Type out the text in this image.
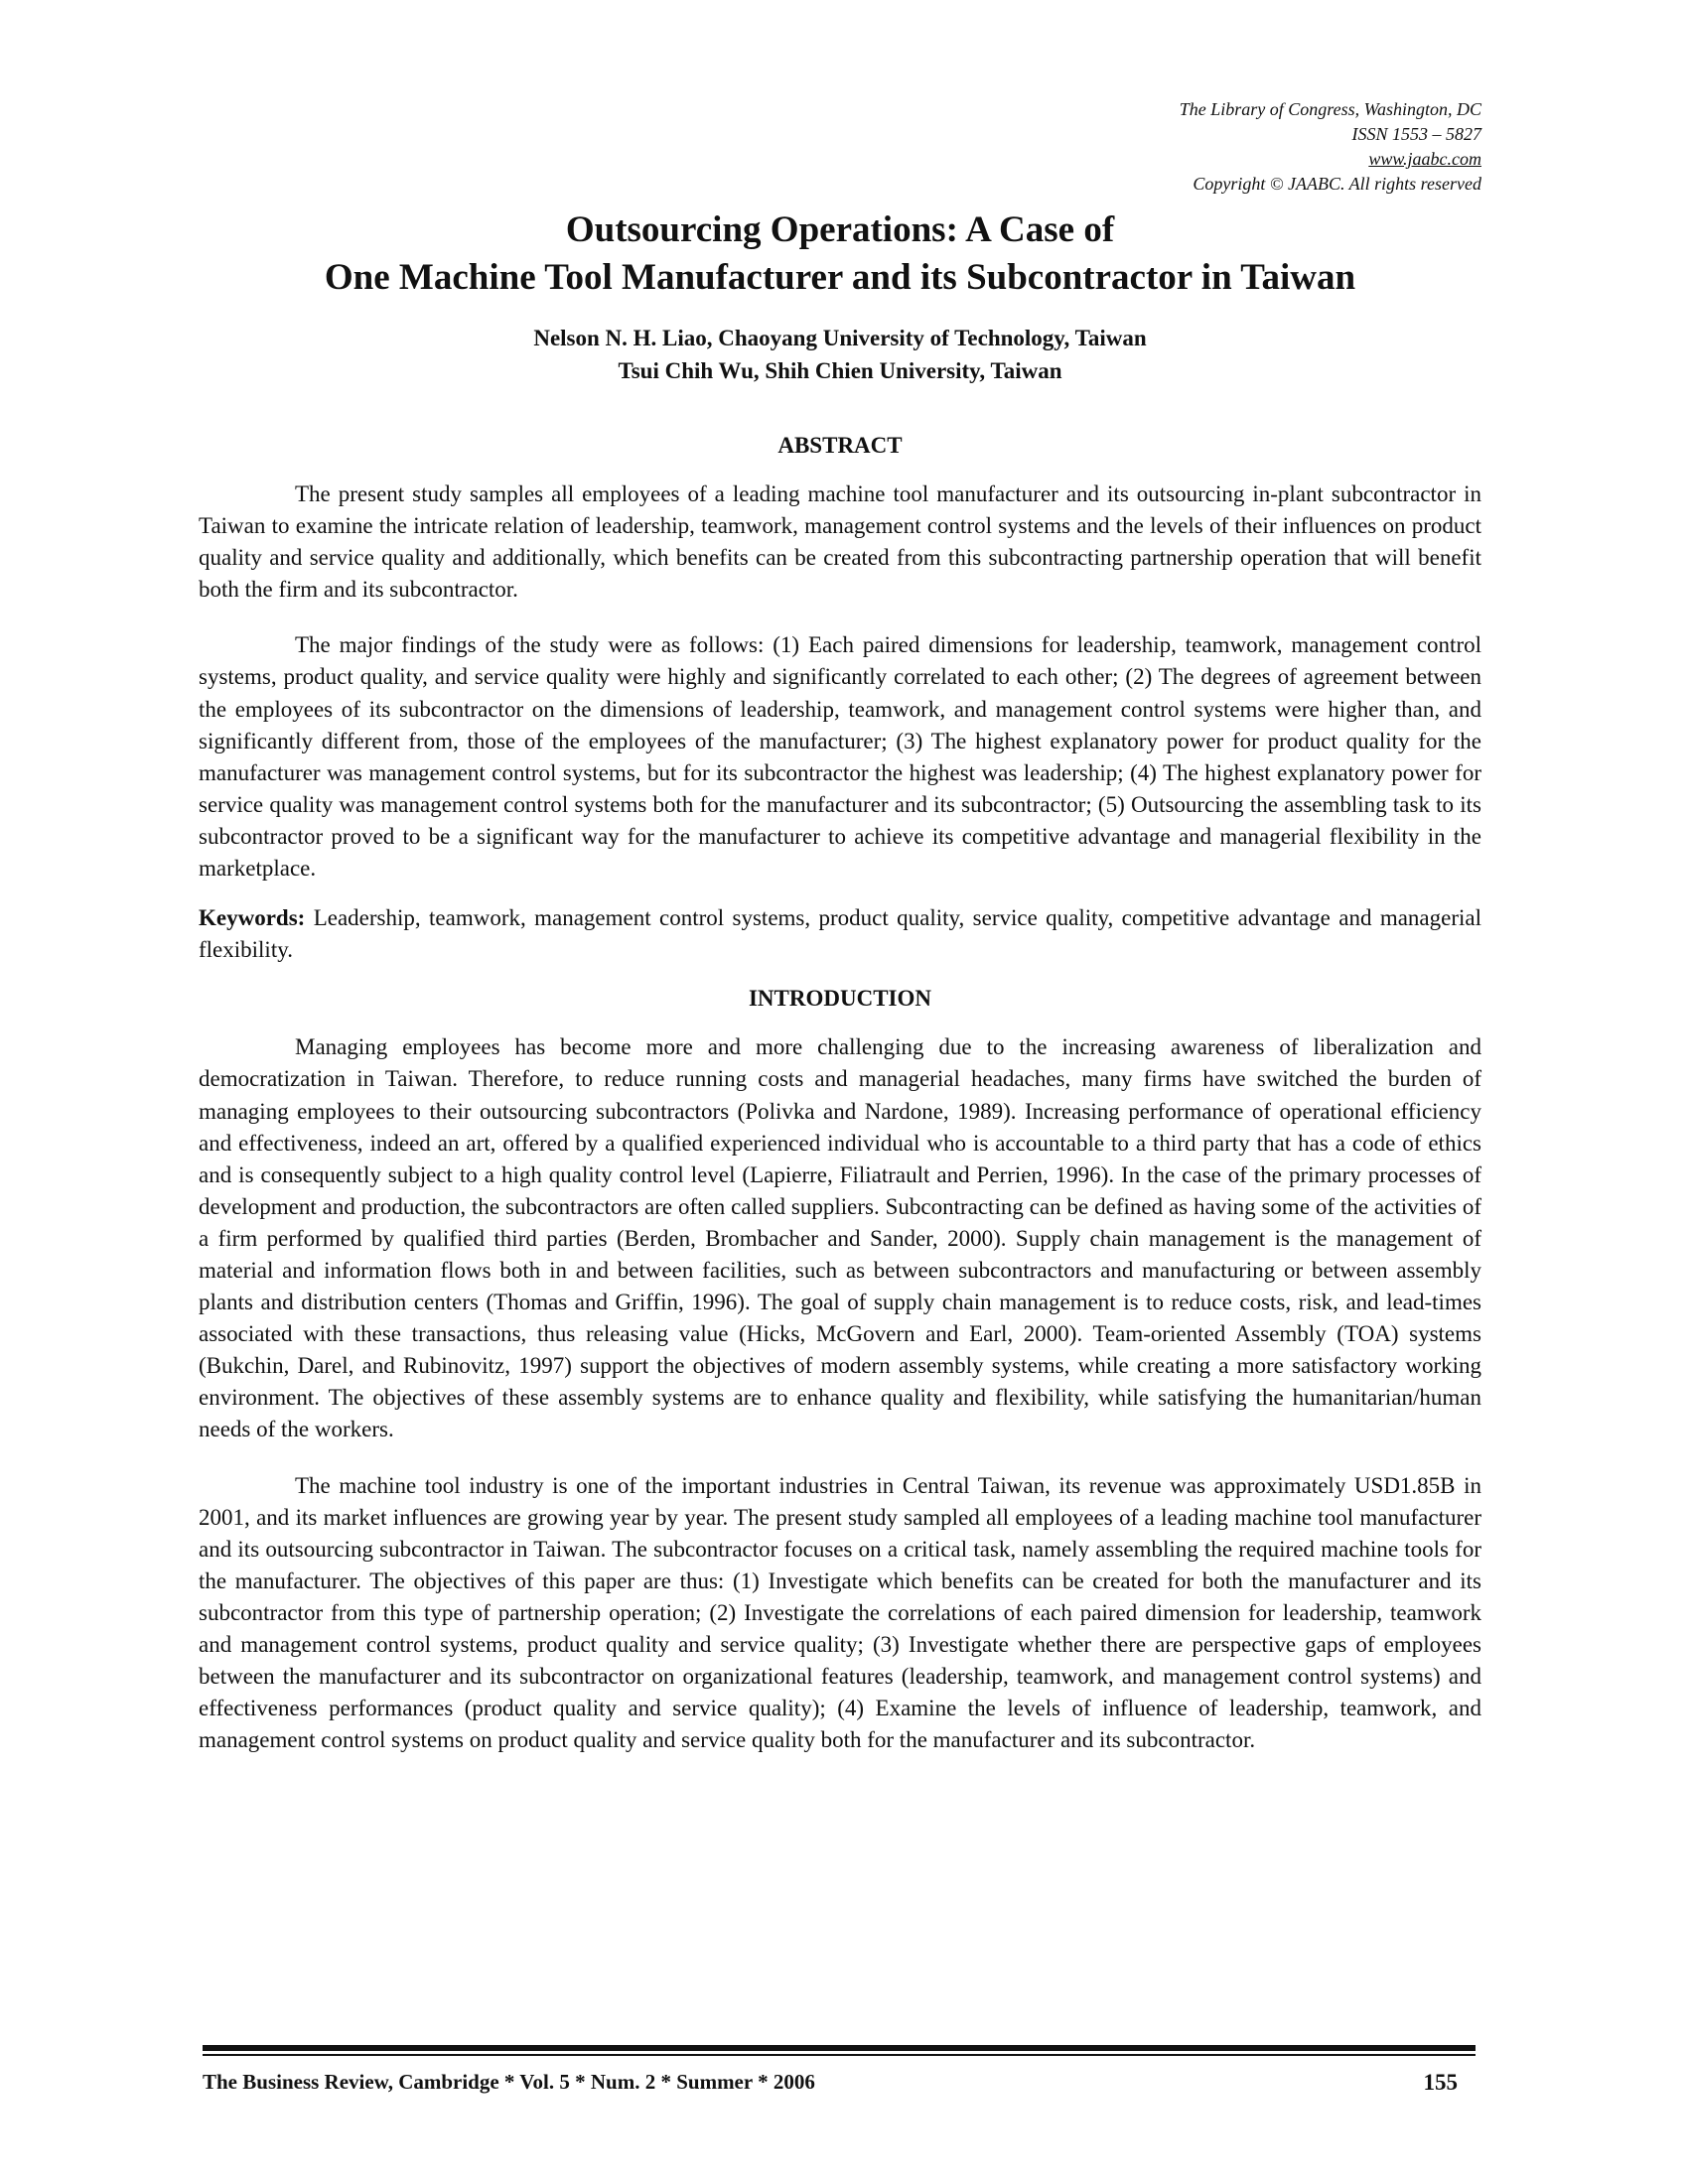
The Library of Congress, Washington, DC
ISSN 1553 – 5827
www.jaabc.com
Copyright © JAABC. All rights reserved
Outsourcing Operations: A Case of
One Machine Tool Manufacturer and its Subcontractor in Taiwan
Nelson N. H. Liao, Chaoyang University of Technology, Taiwan
Tsui Chih Wu, Shih Chien University, Taiwan
ABSTRACT

The present study samples all employees of a leading machine tool manufacturer and its outsourcing in-plant subcontractor in Taiwan to examine the intricate relation of leadership, teamwork, management control systems and the levels of their influences on product quality and service quality and additionally, which benefits can be created from this subcontracting partnership operation that will benefit both the firm and its subcontractor.

The major findings of the study were as follows: (1) Each paired dimensions for leadership, teamwork, management control systems, product quality, and service quality were highly and significantly correlated to each other; (2) The degrees of agreement between the employees of its subcontractor on the dimensions of leadership, teamwork, and management control systems were higher than, and significantly different from, those of the employees of the manufacturer; (3) The highest explanatory power for product quality for the manufacturer was management control systems, but for its subcontractor the highest was leadership; (4) The highest explanatory power for service quality was management control systems both for the manufacturer and its subcontractor; (5) Outsourcing the assembling task to its subcontractor proved to be a significant way for the manufacturer to achieve its competitive advantage and managerial flexibility in the marketplace.

Keywords: Leadership, teamwork, management control systems, product quality, service quality, competitive advantage and managerial flexibility.

INTRODUCTION

Managing employees has become more and more challenging due to the increasing awareness of liberalization and democratization in Taiwan. Therefore, to reduce running costs and managerial headaches, many firms have switched the burden of managing employees to their outsourcing subcontractors (Polivka and Nardone, 1989). Increasing performance of operational efficiency and effectiveness, indeed an art, offered by a qualified experienced individual who is accountable to a third party that has a code of ethics and is consequently subject to a high quality control level (Lapierre, Filiatrault and Perrien, 1996). In the case of the primary processes of development and production, the subcontractors are often called suppliers. Subcontracting can be defined as having some of the activities of a firm performed by qualified third parties (Berden, Brombacher and Sander, 2000). Supply chain management is the management of material and information flows both in and between facilities, such as between subcontractors and manufacturing or between assembly plants and distribution centers (Thomas and Griffin, 1996). The goal of supply chain management is to reduce costs, risk, and lead-times associated with these transactions, thus releasing value (Hicks, McGovern and Earl, 2000). Team-oriented Assembly (TOA) systems (Bukchin, Darel, and Rubinovitz, 1997) support the objectives of modern assembly systems, while creating a more satisfactory working environment. The objectives of these assembly systems are to enhance quality and flexibility, while satisfying the humanitarian/human needs of the workers.

The machine tool industry is one of the important industries in Central Taiwan, its revenue was approximately USD1.85B in 2001, and its market influences are growing year by year. The present study sampled all employees of a leading machine tool manufacturer and its outsourcing subcontractor in Taiwan. The subcontractor focuses on a critical task, namely assembling the required machine tools for the manufacturer. The objectives of this paper are thus: (1) Investigate which benefits can be created for both the manufacturer and its subcontractor from this type of partnership operation; (2) Investigate the correlations of each paired dimension for leadership, teamwork and management control systems, product quality and service quality; (3) Investigate whether there are perspective gaps of employees between the manufacturer and its subcontractor on organizational features (leadership, teamwork, and management control systems) and effectiveness performances (product quality and service quality); (4) Examine the levels of influence of leadership, teamwork, and management control systems on product quality and service quality both for the manufacturer and its subcontractor.

The Business Review, Cambridge * Vol. 5 * Num. 2 * Summer * 2006	155
